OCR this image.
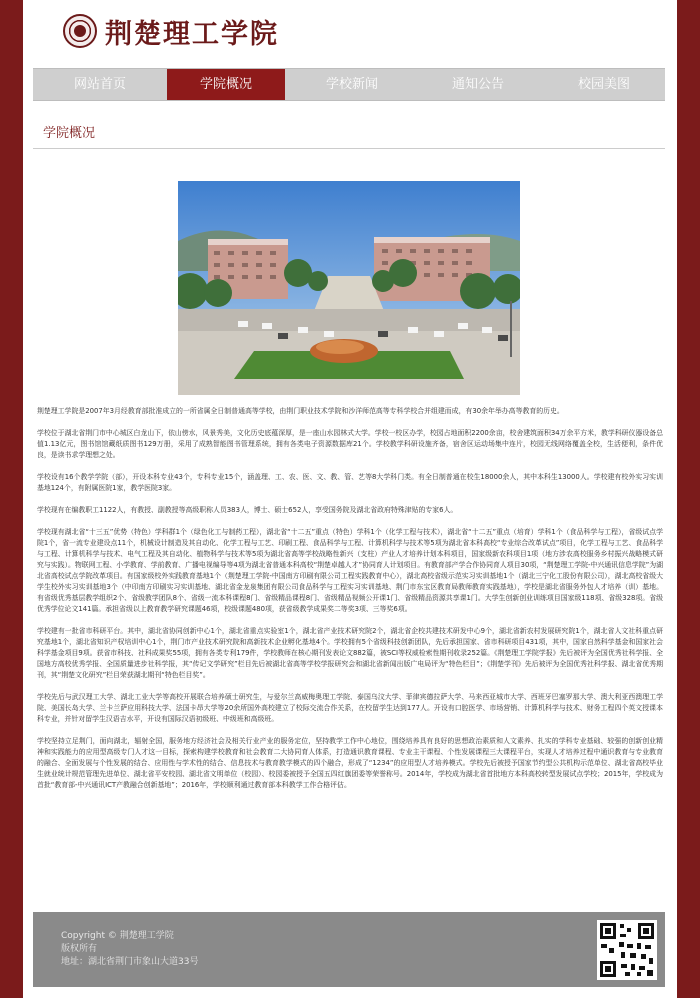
荆楚理工学院
网站首页	学院概况	学校新闻	通知公告	校园美图
学院概况

荆楚理工学院是2007年3月经教育部批准成立的一所省属全日制普通高等学校，由荆门职业技术学院和沙洋师范高等专科学校合并组建而成，有30余年举办高等教育的历史。

学校位于湖北省荆门市中心城区白龙山下，依山傍水，风景秀美，文化历史底蕴深厚，是一座山水园林式大学。学校一校区办学，校园占地面积2200余亩，校舍建筑面积34万余平方米，教学科研仪器设备总值1.13亿元，图书馆馆藏纸质图书129万册，采用了成熟智能图书管理系统，拥有各类电子资源数据库21个。学校教学科研设施齐备，宿舍区运动场集中连片，校园无线网络覆盖全校，生活便利，条件优良，是读书求学理想之处。

学校设有16个教学学院（部），开设本科专业43个，专科专业15个，涵盖理、工、农、医、文、教、管、艺等8大学科门类。有全日制普通在校生18000余人，其中本科生13000人。学校建有校外实习实训基地124个，有附属医院1家，教学医院3家。

学校现有在编教职工1122人，有教授、副教授等高级职称人员383人，博士、硕士652人，享受国务院及湖北省政府特殊津贴的专家6人。

学校现有湖北省“十三五”优势（特色）学科群1个（绿色化工与制药工程），湖北省“十二五”重点（特色）学科1个（化学工程与技术），湖北省“十二五”重点（培育）学科1个（食品科学与工程），省级试点学院1个，省一流专业建设点11个，机械设计制造及其自动化、化学工程与工艺、印刷工程、食品科学与工程、计算机科学与技术等5项为湖北省本科高校“专业综合改革试点”项目，化学工程与工艺、食品科学与工程、计算机科学与技术、电气工程及其自动化、植物科学与技术等5项为湖北省高等学校战略性新兴（支柱）产业人才培养计划本科项目，国家级新农科项目1项（地方涉农高校服务乡村振兴战略模式研究与实践）。物联网工程、小学教育、学前教育、广播电视编导等4项为湖北省普通本科高校“荆楚卓越人才”协同育人计划项目。有教育部产学合作协同育人项目30项，“荆楚理工学院-中兴通讯信息学院”为湖北省高校试点学院改革项目。有国家级校外实践教育基地1个（荆楚理工学院-中国南方印刷有限公司工程实践教育中心），湖北高校省级示范实习实训基地1个（湖北三宁化工股份有限公司），湖北高校省级大学生校外实习实训基地3个（中印南方印刷实习实训基地、湖北省金龙泉集团有限公司食品科学与工程实习实训基地、荆门市东宝区教育局教师教育实践基地），学校是湖北省服务外包人才培养（训）基地。有省级优秀基层教学组织2个、省级教学团队8个、省级一流本科课程8门、省级精品课程8门、省级精品视频公开课1门、省级精品资源共享课1门。大学生创新创业训练项目国家级118项、省级328项。省级优秀学位论文141篇。承担省级以上教育教学研究课题46项，校级课题480项，获省级教学成果奖二等奖3项、三等奖6项。

学校建有一批省市科研平台。其中，湖北省协同创新中心1个，湖北省重点实验室1个，湖北省产业技术研究院2个，湖北省企校共建技术研发中心9个，湖北省新农村发展研究院1个，湖北省人文社科重点研究基地1个，湖北省知识产权培训中心1个，荆门市产业技术研究院和高新技术企业孵化基地4个。学校拥有5个省级科技创新团队，先后承担国家、省市科研项目431项，其中，国家自然科学基金和国家社会科学基金项目9项。获省市科技、社科成果奖55项，拥有各类专利179件，学校教师在核心期刊发表论文882篇，被SCI等权威检索性期刊收录252篇。《荆楚理工学院学报》先后被评为全国优秀社科学报、全国地方高校优秀学报、全国质量进步社科学报，其“传记文学研究”栏目先后被湖北省高等学校学报研究会和湖北省新闻出版广电局评为“特色栏目”；《荆楚学刊》先后被评为全国优秀社科学报、湖北省优秀期刊，其“荆楚文化研究”栏目荣获湖北期刊“特色栏目奖”。

学校先后与武汉理工大学、湖北工业大学等高校开展联合培养硕士研究生，与爱尔兰高威梅奥理工学院、泰国乌汶大学、菲律宾德拉萨大学、马来西亚城市大学、西班牙巴塞罗那大学、澳大利亚西澳理工学院、美国长岛大学、兰卡兰萨应用科技大学、法国卡昂大学等20余所国外高校建立了校际交流合作关系，在校留学生达到177人。开设有口腔医学、市场营销、计算机科学与技术、财务工程四个英文授课本科专业，并针对留学生汉语吉水平，开设有国际汉语初级班、中级班和高级班。

学校坚持立足荆门，面向湖北，辐射全国，服务地方经济社会及相关行业产业的服务定位，坚持教学工作中心地位，围绕培养具有良好的思想政治素质和人文素养、扎实的学科专业基础、较强的创新创业精神和实践能力的应用型高级专门人才这一目标，探索构建学校教育和社会教育二大协同育人体系，打造通识教育课程、专业主干课程、个性发展课程三大课程平台，实现人才培养过程中通识教育与专业教育的融合、全面发展与个性发展的结合、应用性与学术性的结合、信息技术与教育教学模式的四个融合，形成了“1234”的应用型人才培养模式。学校先后被授予国家节约型公共机构示范单位、湖北省高校毕业生就业统计规范管理先进单位、湖北省平安校园、湖北省文明单位（校园）、校园委被授予全国五四红旗团委等荣誉称号。2014年，学校成为湖北省首批地方本科高校转型发展试点学校；2015年，学校成为首批“教育部-中兴通讯ICT产教融合创新基地”；2016年，学校顺利通过教育部本科教学工作合格评估。

Copyright © 荆楚理工学院
版权所有
地址：湖北省荆门市象山大道33号
